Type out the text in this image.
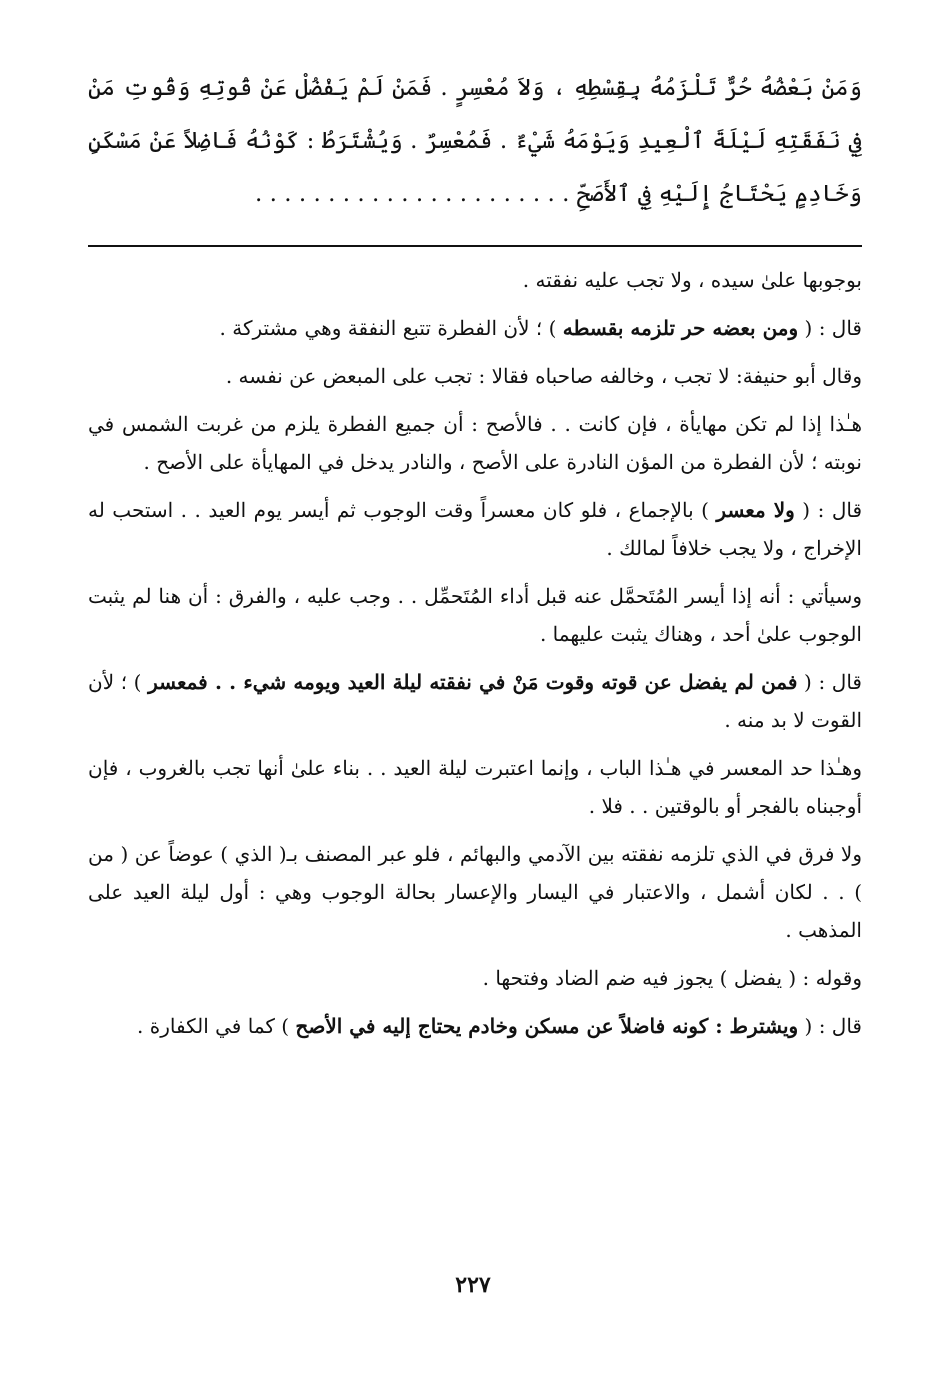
وَمَنْ بَعْضُهُ حُرٌّ تَلْزَمُهُ بِقِسْطِهِ ، وَلاَ مُعْسِرٍ . فَمَنْ لَمْ يَفْضُلْ عَنْ قُوتِهِ وَقُوتِ مَنْ فِي نَفَقَتِهِ لَيْلَةَ ٱلْعِيدِ وَيَوْمَهُ شَيْءٌ . فَمُعْسِرٌ . وَيُشْتَرَطُ : كَوْنُهُ فَاضِلاً عَنْ مَسْكَنٍ وَخَادِمٍ يَحْتَاجُ إِلَيْهِ فِي ٱلأَصَحِّ . . . . . . . . . . . . . . . . . . . . . .

بوجوبها علىٰ سيده ، ولا تجب عليه نفقته .

قال : ( ومن بعضه حر تلزمه بقسطه ) ؛ لأن الفطرة تتبع النفقة وهي مشتركة .

وقال أبو حنيفة: لا تجب ، وخالفه صاحباه فقالا : تجب على المبعض عن نفسه .

هـٰذا إذا لم تكن مهايأة ، فإن كانت . . فالأصح : أن جميع الفطرة يلزم من غربت الشمس في نوبته ؛ لأن الفطرة من المؤن النادرة على الأصح ، والنادر يدخل في المهايأة على الأصح .

قال : ( ولا معسر ) بالإجماع ، فلو كان معسراً وقت الوجوب ثم أيسر يوم العيد . . استحب له الإخراج ، ولا يجب خلافاً لمالك .

وسيأتي : أنه إذا أيسر المُتَحمَّل عنه قبل أداء المُتَحمِّل . . وجب عليه ، والفرق : أن هنا لم يثبت الوجوب علىٰ أحد ، وهناك يثبت عليهما .

قال : ( فمن لم يفضل عن قوته وقوت مَنْ في نفقته ليلة العيد ويومه شيء . . فمعسر ) ؛ لأن القوت لا بد منه .

وهـٰذا حد المعسر في هـٰذا الباب ، وإنما اعتبرت ليلة العيد . . بناء علىٰ أنها تجب بالغروب ، فإن أوجبناه بالفجر أو بالوقتين . . فلا .

ولا فرق في الذي تلزمه نفقته بين الآدمي والبهائم ، فلو عبر المصنف بـ( الذي ) عوضاً عن ( من ) . . لكان أشمل ، والاعتبار في اليسار والإعسار بحالة الوجوب وهي : أول ليلة العيد على المذهب .

وقوله : ( يفضل ) يجوز فيه ضم الضاد وفتحها .

قال : ( ويشترط : كونه فاضلاً عن مسكن وخادم يحتاج إليه في الأصح ) كما في الكفارة .

٢٢٧
